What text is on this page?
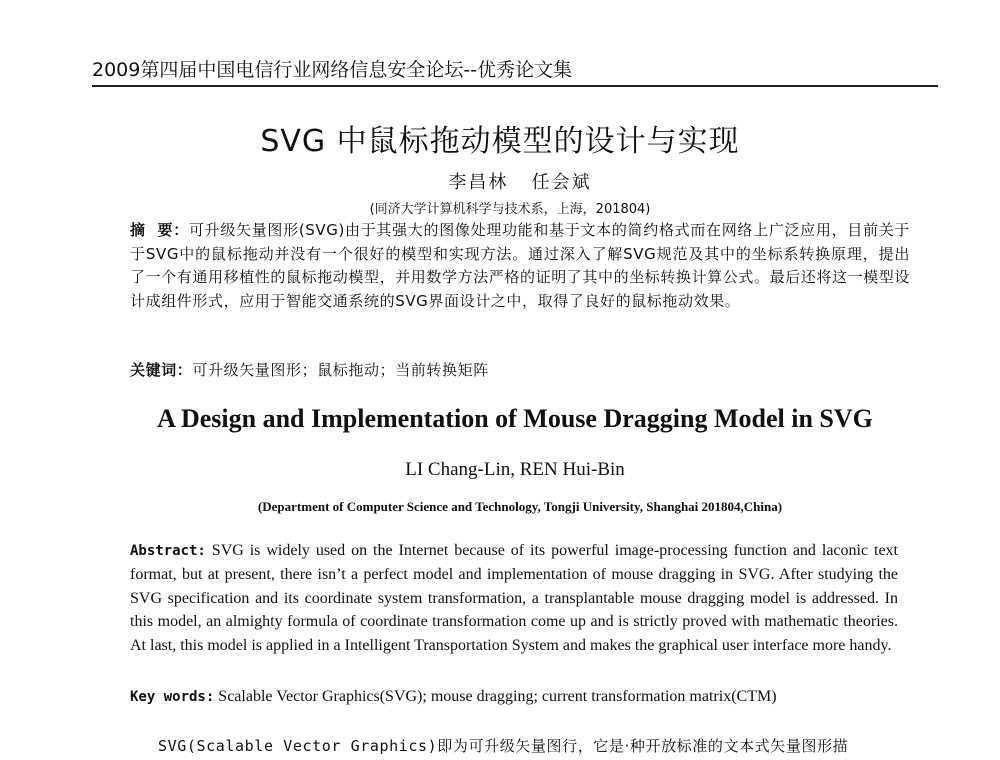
2009第四届中国电信行业网络信息安全论坛--优秀论文集
SVG 中鼠标拖动模型的设计与实现
李昌林   任会斌
(同济大学计算机科学与技术系，上海，201804)
摘  要：可升级矢量图形(SVG)由于其强大的图像处理功能和基于文本的简约格式而在网络上广泛应用，目前关于于SVG中的鼠标拖动并没有一个很好的模型和实现方法。通过深入了解SVG规范及其中的坐标系转换原理，提出了一个有通用移植性的鼠标拖动模型，并用数学方法严格的证明了其中的坐标转换计算公式。最后还将这一模型设计成组件形式，应用于智能交通系统的SVG界面设计之中，取得了良好的鼠标拖动效果。
关键词：可升级矢量图形；鼠标拖动；当前转换矩阵
A Design and Implementation of Mouse Dragging Model in SVG
LI Chang-Lin, REN Hui-Bin
(Department of Computer Science and Technology, Tongji University, Shanghai 201804,China)
Abstract: SVG is widely used on the Internet because of its powerful image-processing function and laconic text format, but at present, there isn’t a perfect model and implementation of mouse dragging in SVG. After studying the SVG specification and its coordinate system transformation, a transplantable mouse dragging model is addressed. In this model, an almighty formula of coordinate transformation come up and is strictly proved with mathematic theories. At last, this model is applied in a Intelligent Transportation System and makes the graphical user interface more handy.
Key words: Scalable Vector Graphics(SVG); mouse dragging; current transformation matrix(CTM)
SVG(Scalable Vector Graphics)即为可升级矢量图行，它是·种开放标准的文本式矢量图形描
